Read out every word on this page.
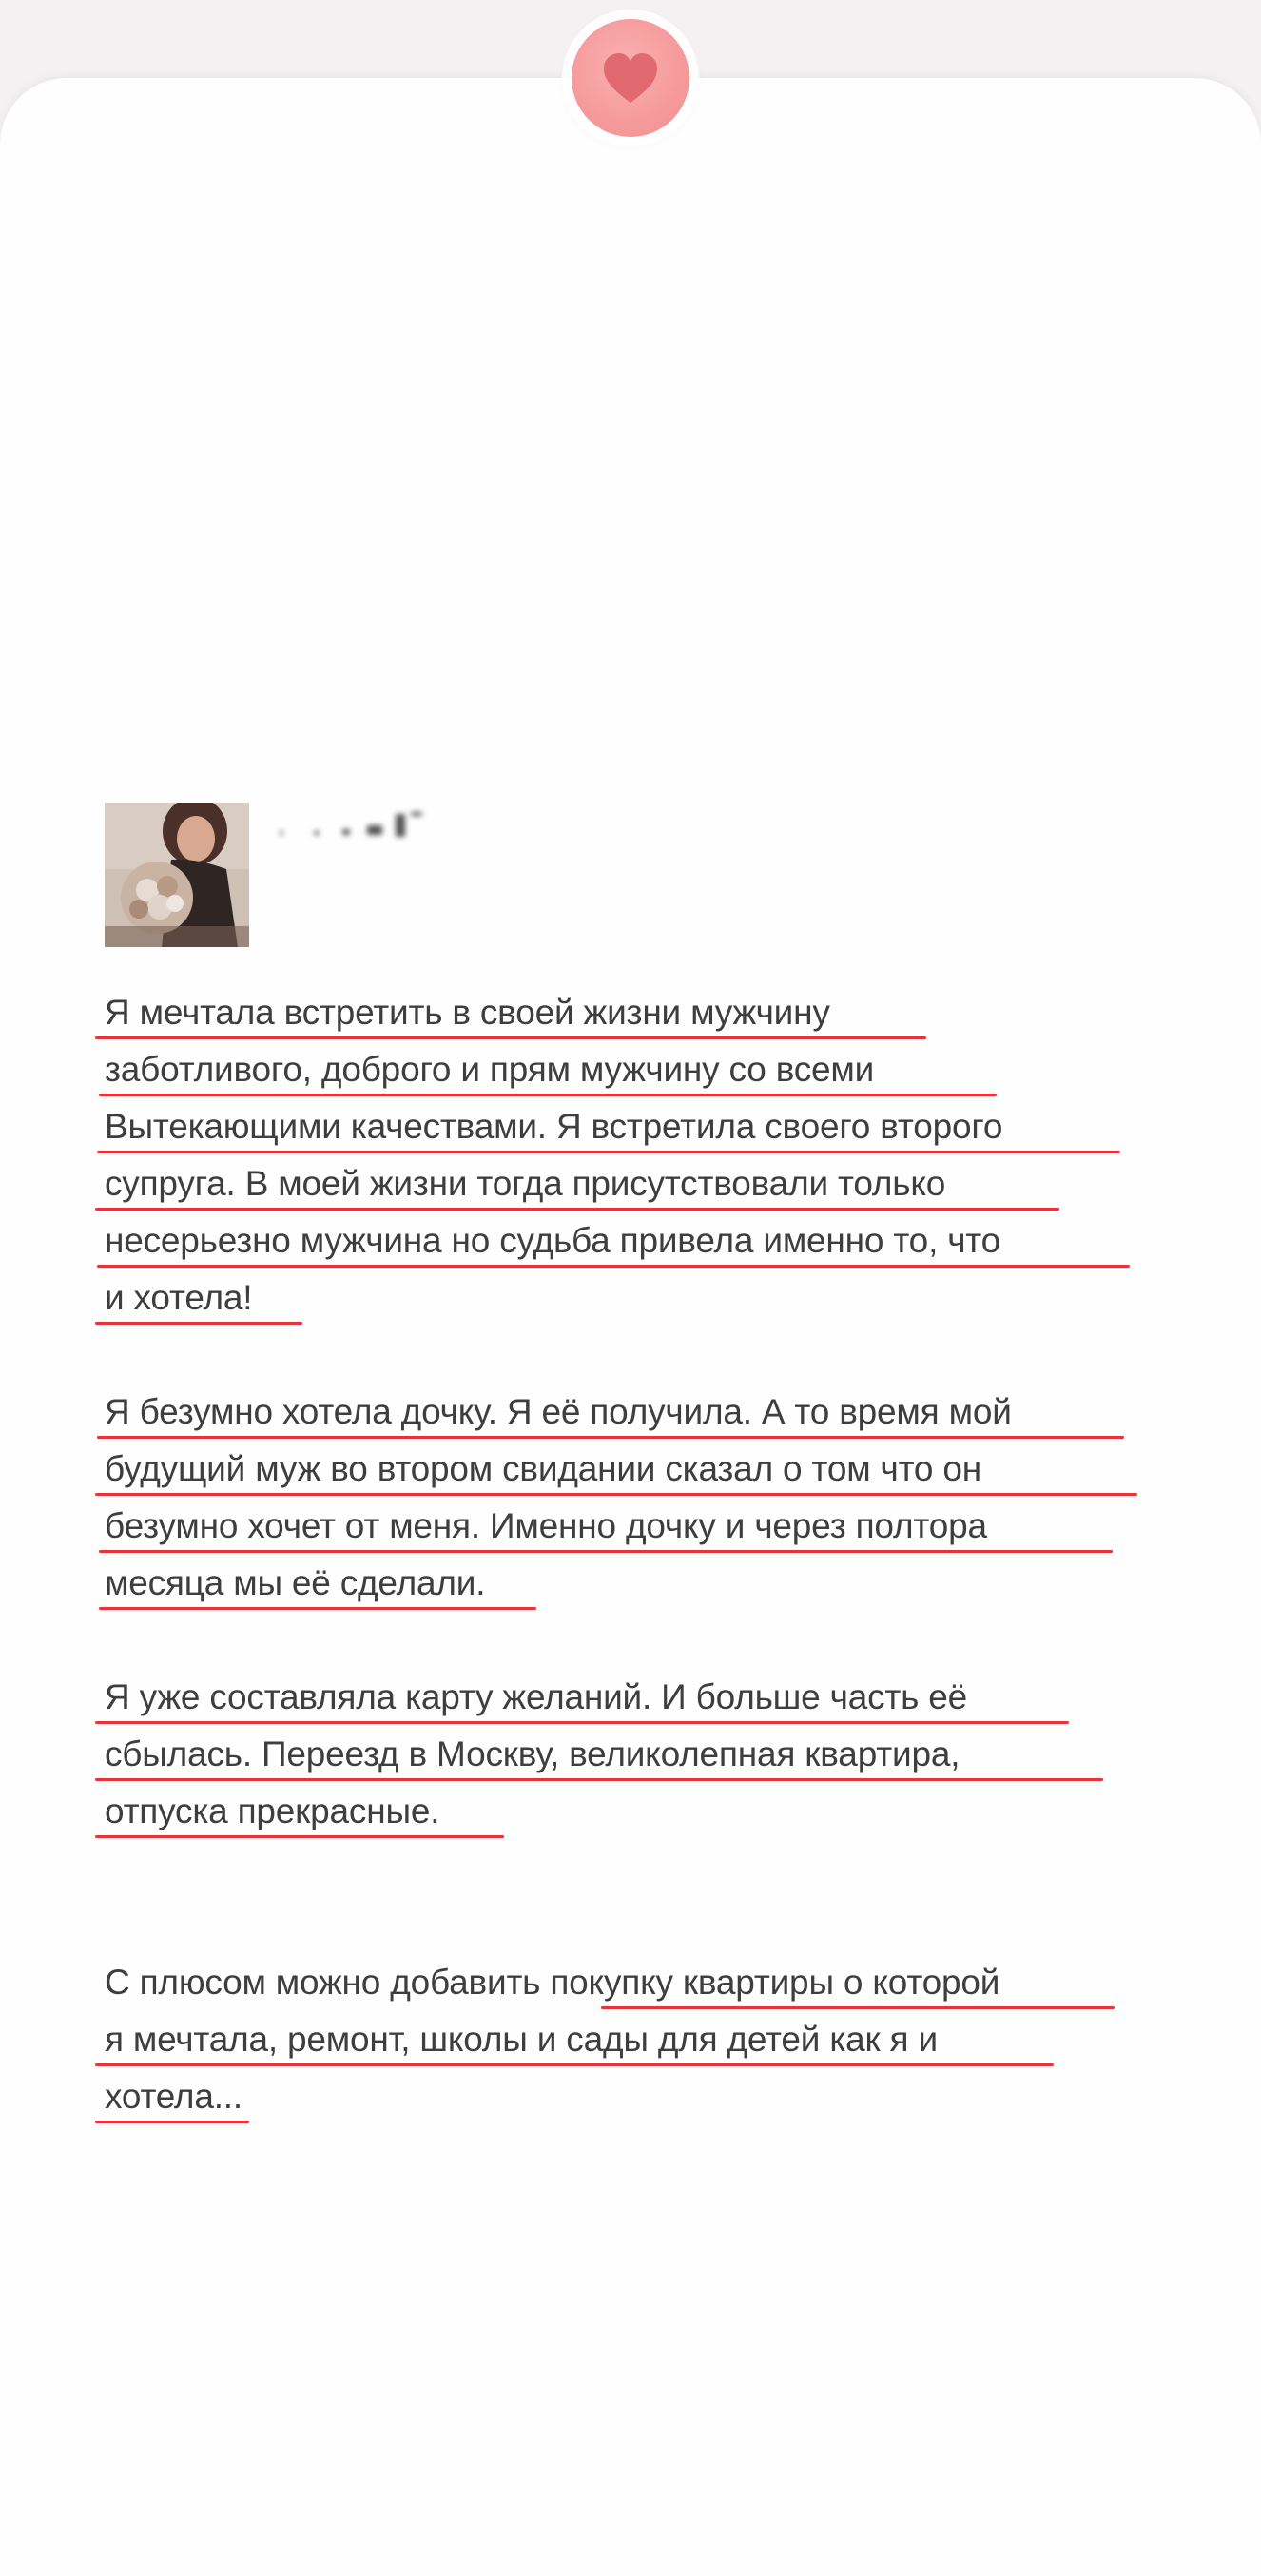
Я мечтала встретить в своей жизни мужчину
заботливого, доброго и прям мужчину со всеми
Вытекающими качествами. Я встретила своего второго
супруга. В моей жизни тогда присутствовали только
несерьезно мужчина но судьба привела именно то, что
и хотела!
Я безумно хотела дочку. Я её получила. А то время мой
будущий муж во втором свидании сказал о том что он
безумно хочет от меня. Именно дочку и через полтора
месяца мы её сделали.
Я уже составляла карту желаний. И больше часть её
сбылась. Переезд в Москву, великолепная квартира,
отпуска прекрасные.
С плюсом можно добавить покупку квартиры о которой
я мечтала, ремонт, школы и сады для детей как я и
хотела...
